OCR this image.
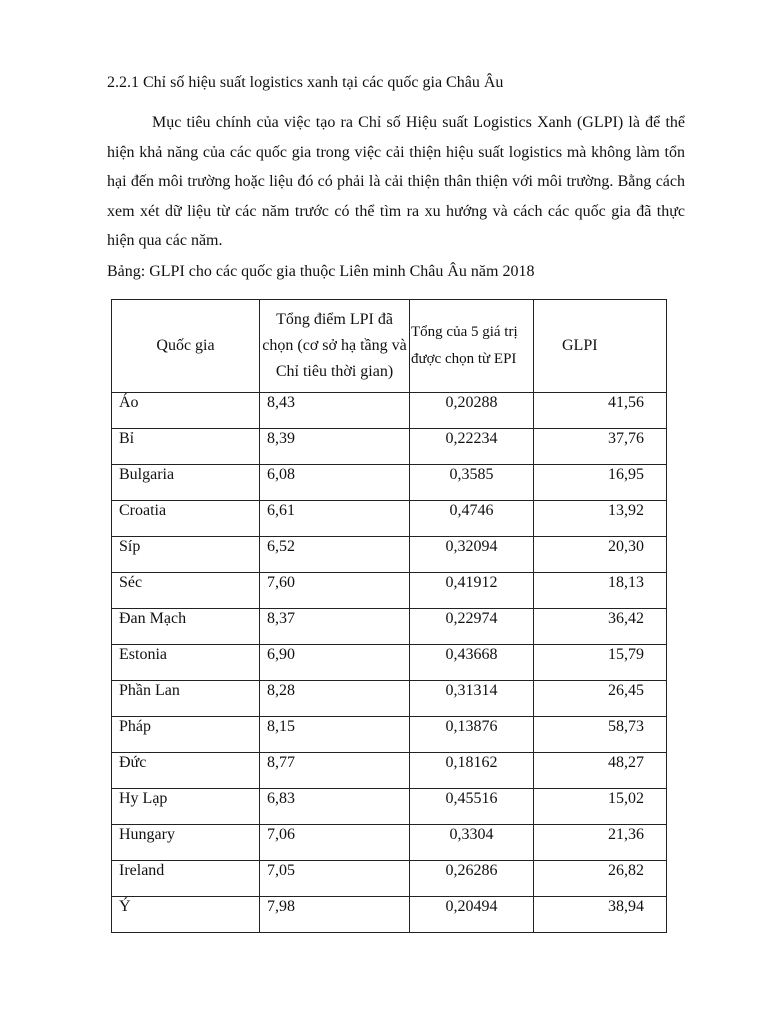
2.2.1 Chỉ số hiệu suất logistics xanh tại các quốc gia Châu Âu

Mục tiêu chính của việc tạo ra Chỉ số Hiệu suất Logistics Xanh (GLPI) là để thể hiện khả năng của các quốc gia trong việc cải thiện hiệu suất logistics mà không làm tổn hại đến môi trường hoặc liệu đó có phải là cải thiện thân thiện với môi trường. Bằng cách xem xét dữ liệu từ các năm trước có thể tìm ra xu hướng và cách các quốc gia đã thực hiện qua các năm.

Bảng: GLPI cho các quốc gia thuộc Liên minh Châu Âu năm 2018
Quốc gia	Tổng điểm LPI đã chọn (cơ sở hạ tầng và Chỉ tiêu thời gian)	Tổng của 5 giá trị được chọn từ EPI	GLPI
Áo	8,43	0,20288	41,56
Bỉ	8,39	0,22234	37,76
Bulgaria	6,08	0,3585	16,95
Croatia	6,61	0,4746	13,92
Síp	6,52	0,32094	20,30
Séc	7,60	0,41912	18,13
Đan Mạch	8,37	0,22974	36,42
Estonia	6,90	0,43668	15,79
Phần Lan	8,28	0,31314	26,45
Pháp	8,15	0,13876	58,73
Đức	8,77	0,18162	48,27
Hy Lạp	6,83	0,45516	15,02
Hungary	7,06	0,3304	21,36
Ireland	7,05	0,26286	26,82
Ý	7,98	0,20494	38,94
